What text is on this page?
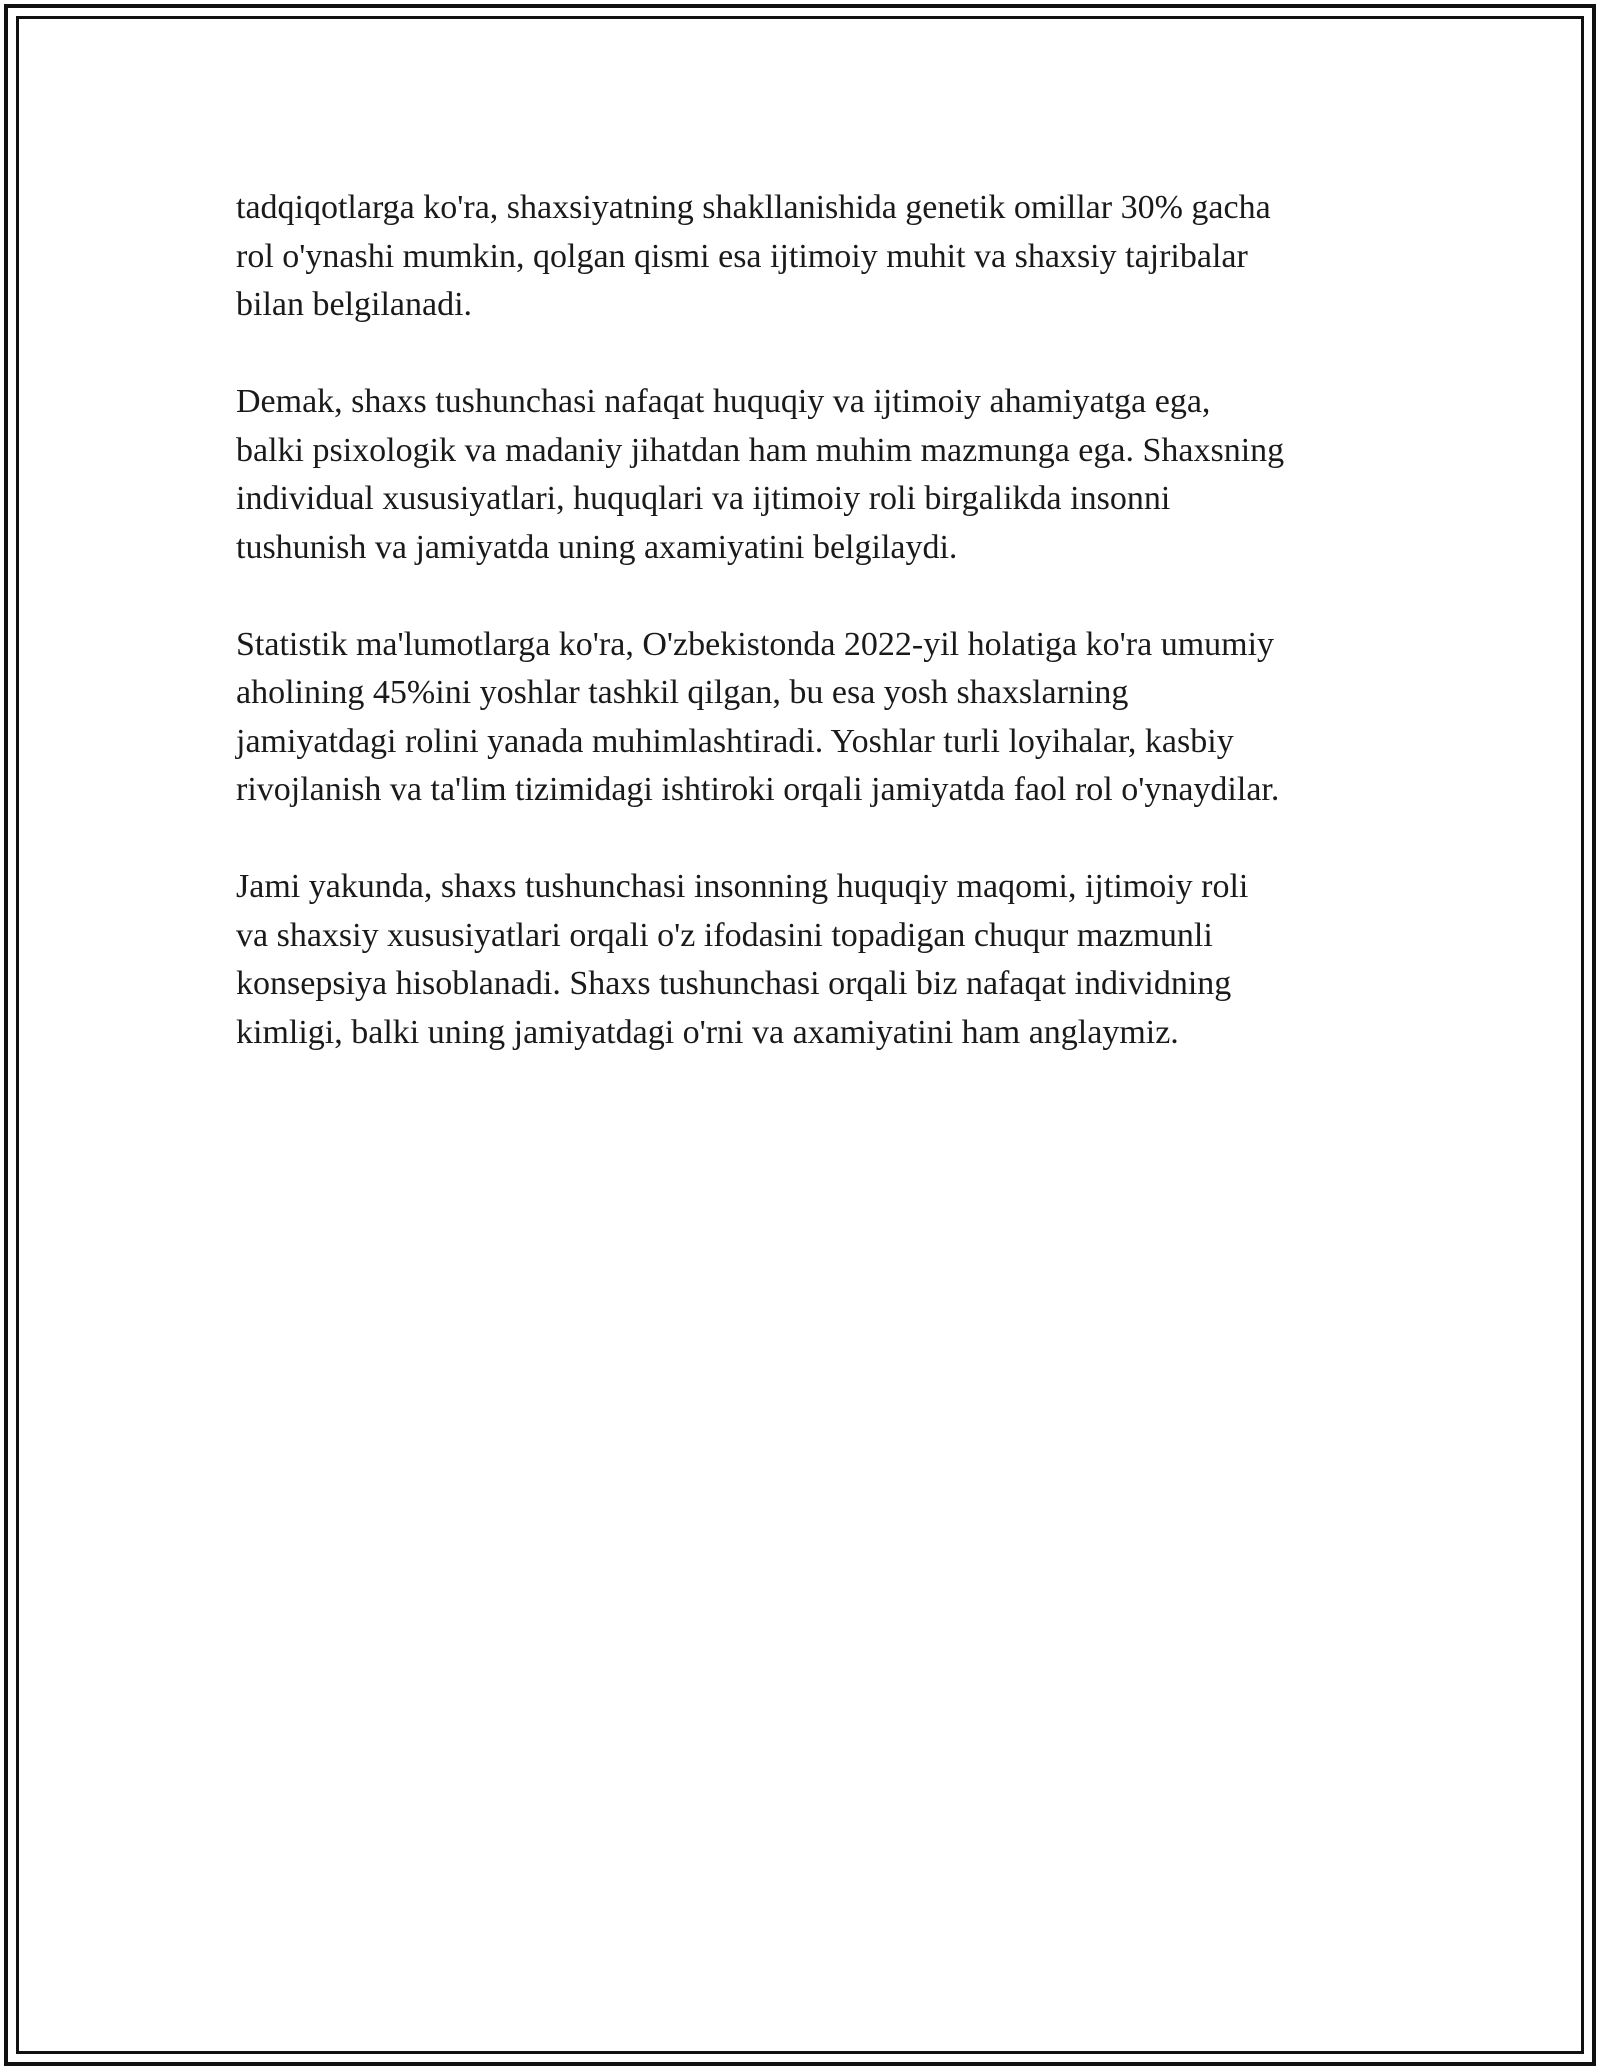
tadqiqotlarga ko'ra, shaxsiyatning shakllanishida genetik omillar 30% gacha
rol o'ynashi mumkin, qolgan qismi esa ijtimoiy muhit va shaxsiy tajribalar
bilan belgilanadi.

Demak, shaxs tushunchasi nafaqat huquqiy va ijtimoiy ahamiyatga ega,
balki psixologik va madaniy jihatdan ham muhim mazmunga ega. Shaxsning
individual xususiyatlari, huquqlari va ijtimoiy roli birgalikda insonni
tushunish va jamiyatda uning axamiyatini belgilaydi.

Statistik ma'lumotlarga ko'ra, O'zbekistonda 2022-yil holatiga ko'ra umumiy
aholining 45%ini yoshlar tashkil qilgan, bu esa yosh shaxslarning
jamiyatdagi rolini yanada muhimlashtiradi. Yoshlar turli loyihalar, kasbiy
rivojlanish va ta'lim tizimidagi ishtiroki orqali jamiyatda faol rol o'ynaydilar.

Jami yakunda, shaxs tushunchasi insonning huquqiy maqomi, ijtimoiy roli
va shaxsiy xususiyatlari orqali o'z ifodasini topadigan chuqur mazmunli
konsepsiya hisoblanadi. Shaxs tushunchasi orqali biz nafaqat individning
kimligi, balki uning jamiyatdagi o'rni va axamiyatini ham anglaymiz.
